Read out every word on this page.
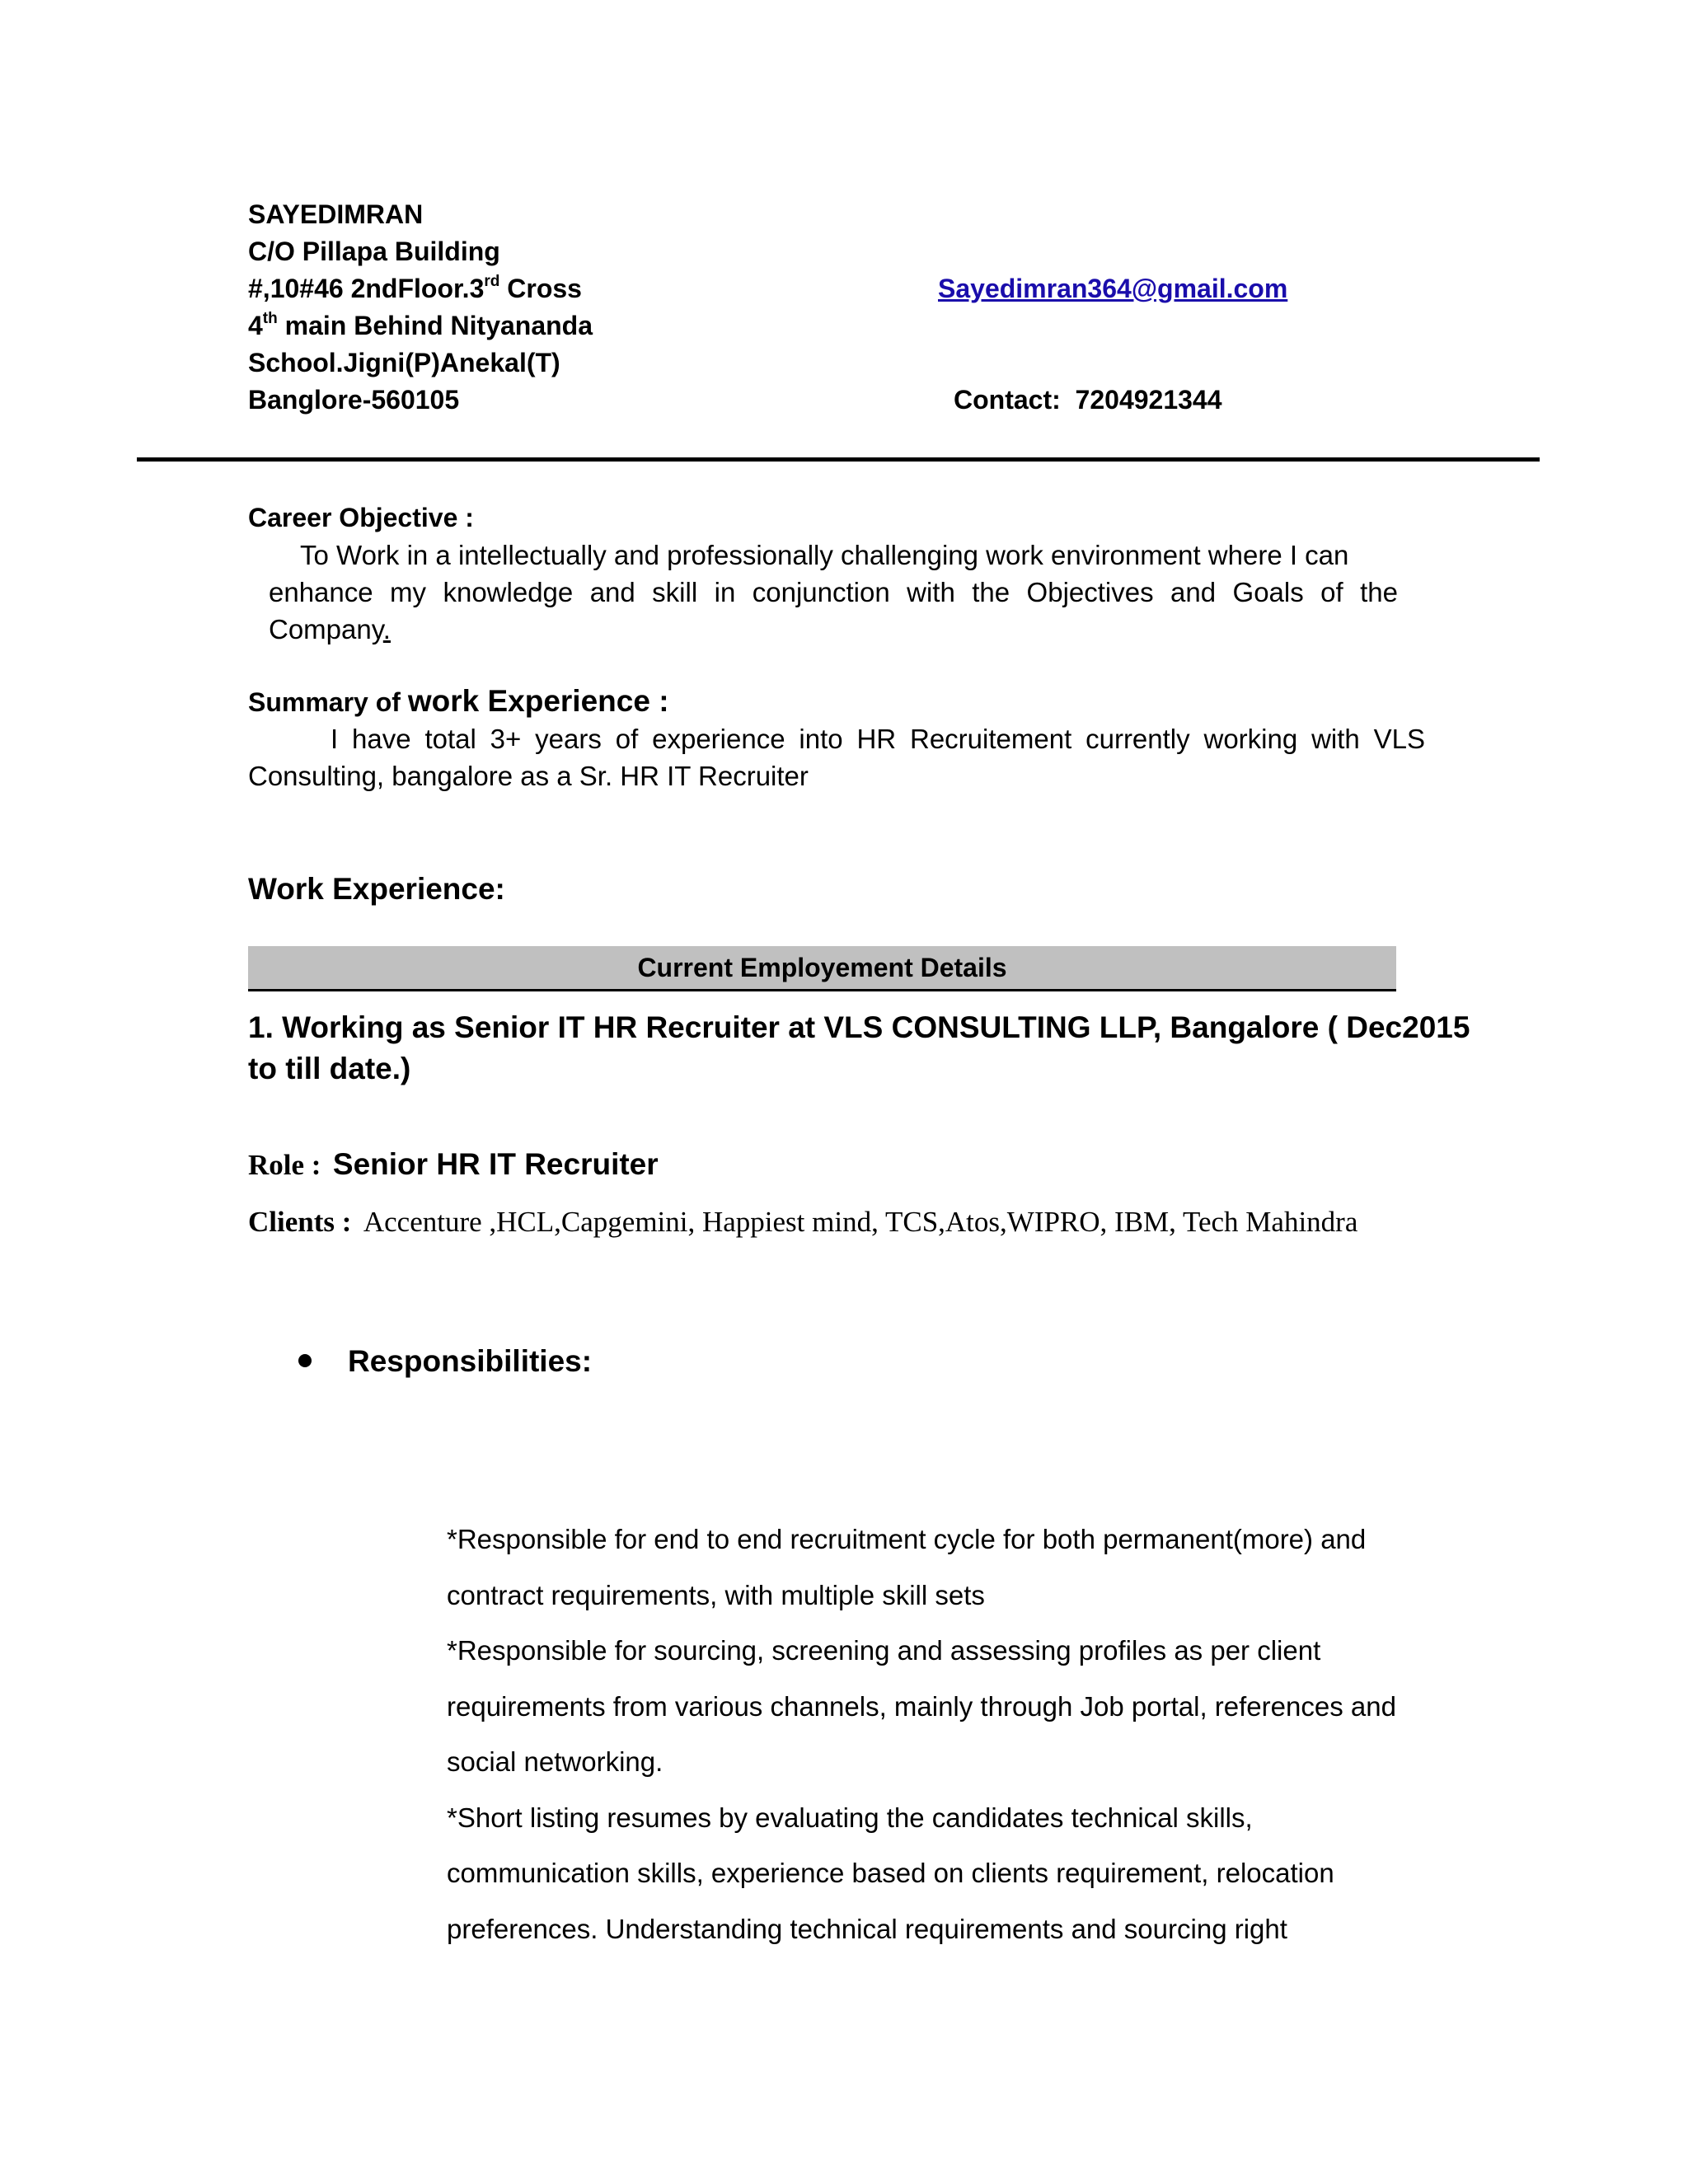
SAYEDIMRAN
C/O Pillapa Building
#,10#46 2ndFloor.3rd Cross
4th main Behind Nityananda
School.Jigni(P)Anekal(T)
Banglore-560105
Sayedimran364@gmail.com
Contact: 7204921344
Career Objective :
To Work in a intellectually and professionally challenging work environment where I can
enhance my knowledge and skill in conjunction with the Objectives and Goals of the
Company.
Summary of work Experience :
I have total 3+ years of experience into HR Recruitement currently working with VLS
Consulting, bangalore as a Sr. HR IT Recruiter
Work Experience:
Current Employement Details
1. Working as Senior IT HR Recruiter at VLS CONSULTING LLP, Bangalore ( Dec2015
to till date.)
Role : Senior HR IT Recruiter
Clients : Accenture ,HCL,Capgemini, Happiest mind, TCS,Atos,WIPRO, IBM, Tech Mahindra
Responsibilities:

*Responsible for end to end recruitment cycle for both permanent(more) and

contract requirements, with multiple skill sets

*Responsible for sourcing, screening and assessing profiles as per client

requirements from various channels, mainly through Job portal, references and

social networking.

*Short listing resumes by evaluating the candidates technical skills,

communication skills, experience based on clients requirement, relocation

preferences. Understanding technical requirements and sourcing right
